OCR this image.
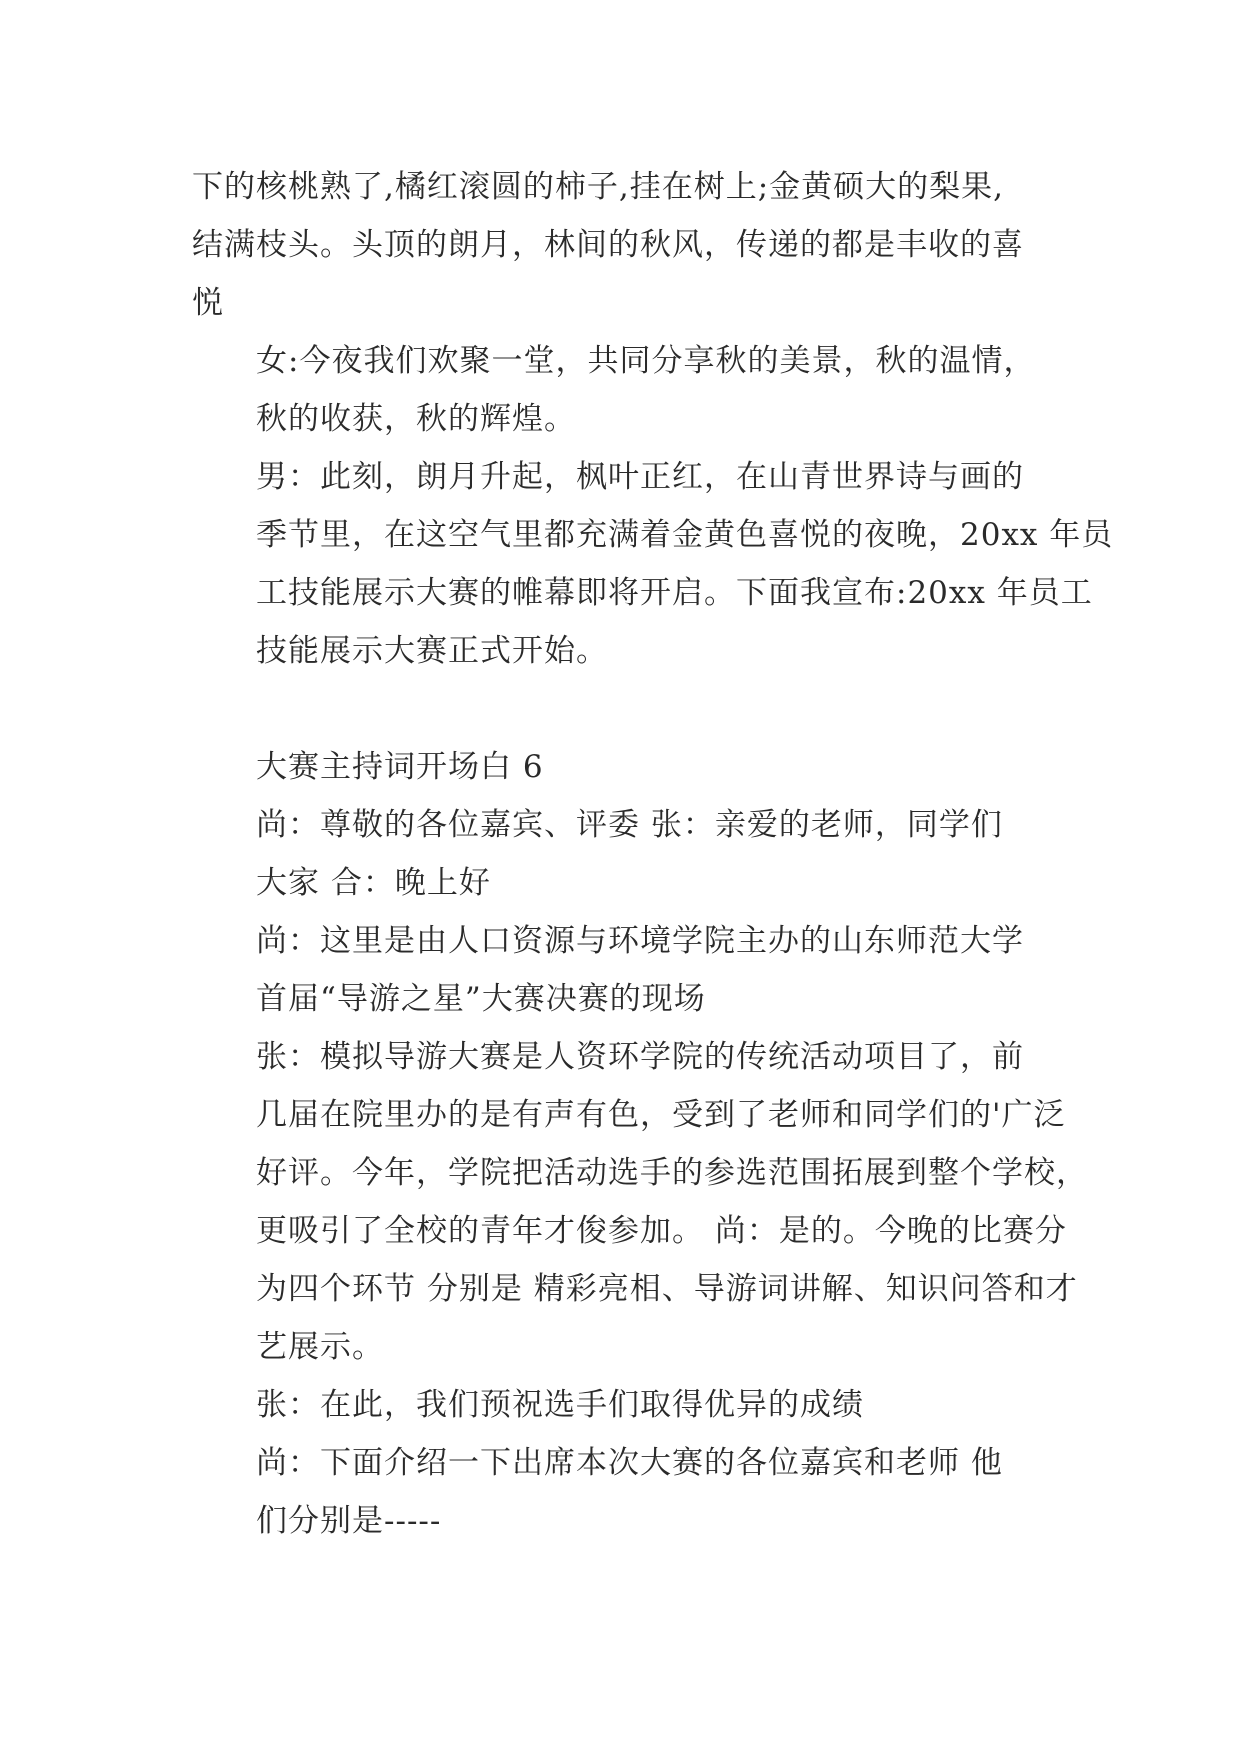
下的核桃熟了,橘红滚圆的柿子,挂在树上;金黄硕大的梨果,
结满枝头。头顶的朗月，林间的秋风，传递的都是丰收的喜
悦

女:今夜我们欢聚一堂，共同分享秋的美景，秋的温情，
秋的收获，秋的辉煌。

男：此刻，朗月升起，枫叶正红，在山青世界诗与画的
季节里，在这空气里都充满着金黄色喜悦的夜晚，20xx 年员
工技能展示大赛的帷幕即将开启。下面我宣布:20xx 年员工
技能展示大赛正式开始。

大赛主持词开场白 6

尚：尊敬的各位嘉宾、评委 张：亲爱的老师，同学们
大家 合：晚上好

尚：这里是由人口资源与环境学院主办的山东师范大学
首届“导游之星”大赛决赛的现场

张：模拟导游大赛是人资环学院的传统活动项目了，前
几届在院里办的是有声有色，受到了老师和同学们的'广泛
好评。今年，学院把活动选手的参选范围拓展到整个学校，
更吸引了全校的青年才俊参加。 尚：是的。今晚的比赛分
为四个环节 分别是 精彩亮相、导游词讲解、知识问答和才
艺展示。

张：在此，我们预祝选手们取得优异的成绩

尚：下面介绍一下出席本次大赛的各位嘉宾和老师 他
们分别是-----
